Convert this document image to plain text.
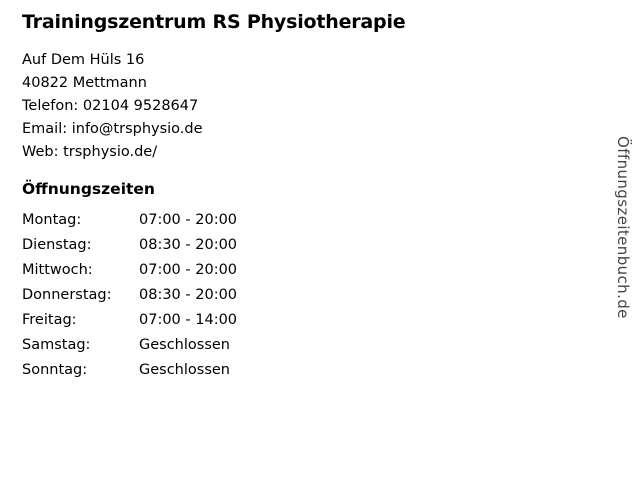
Trainingszentrum RS Physiotherapie
Auf Dem Hüls 16
40822 Mettmann
Telefon: 02104 9528647
Email: info@trsphysio.de
Web: trsphysio.de/
Öffnungszeiten
Montag:	07:00 - 20:00
Dienstag:	08:30 - 20:00
Mittwoch:	07:00 - 20:00
Donnerstag:	08:30 - 20:00
Freitag:	07:00 - 14:00
Samstag:	Geschlossen
Sonntag:	Geschlossen
Öffnungszeitenbuch.de
